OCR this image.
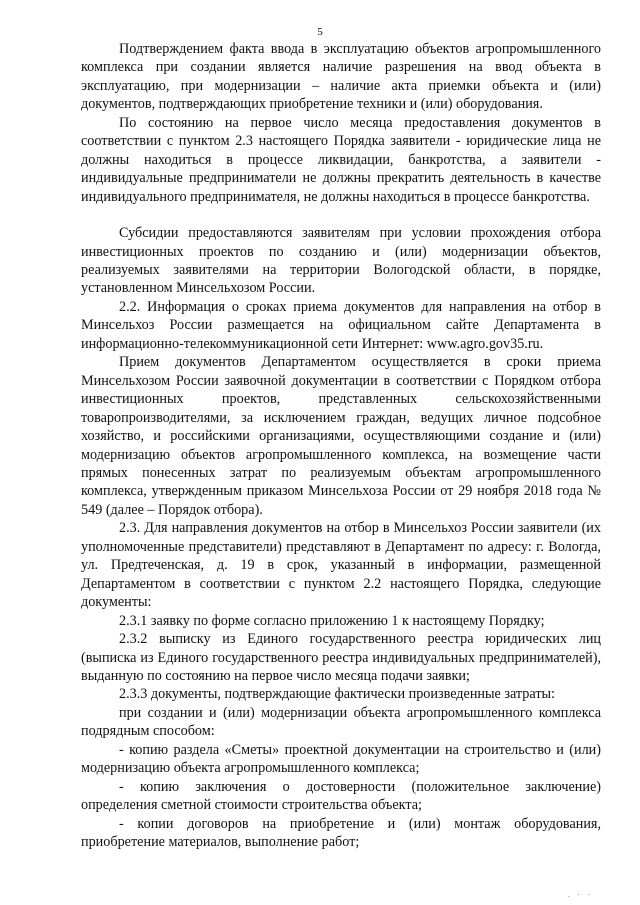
5

Подтверждением факта ввода в эксплуатацию объектов агропромышленного комплекса при создании является наличие разрешения на ввод объекта в эксплуатацию, при модернизации – наличие акта приемки объекта и (или) документов, подтверждающих приобретение техники и (или) оборудования.

По состоянию на первое число месяца предоставления документов в соответствии с пунктом 2.3 настоящего Порядка заявители - юридические лица не должны находиться в процессе ликвидации, банкротства, а заявители - индивидуальные предприниматели не должны прекратить деятельность в качестве индивидуального предпринимателя, не должны находиться в процессе банкротства.

Субсидии предоставляются заявителям при условии прохождения отбора инвестиционных проектов по созданию и (или) модернизации объектов, реализуемых заявителями на территории Вологодской области, в порядке, установленном Минсельхозом России.

2.2. Информация о сроках приема документов для направления на отбор в Минсельхоз России размещается на официальном сайте Департамента в информационно-телекоммуникационной сети Интернет: www.agro.gov35.ru.

Прием документов Департаментом осуществляется в сроки приема Минсельхозом России заявочной документации в соответствии с Порядком отбора инвестиционных проектов, представленных сельскохозяйственными товаропроизводителями, за исключением граждан, ведущих личное подсобное хозяйство, и российскими организациями, осуществляющими создание и (или) модернизацию объектов агропромышленного комплекса, на возмещение части прямых понесенных затрат по реализуемым объектам агропромышленного комплекса, утвержденным приказом Минсельхоза России от 29 ноября 2018 года № 549 (далее – Порядок отбора).

2.3. Для направления документов на отбор в Минсельхоз России заявители (их уполномоченные представители) представляют в Департамент по адресу: г. Вологда, ул. Предтеченская, д. 19 в срок, указанный в информации, размещенной Департаментом в соответствии с пунктом 2.2 настоящего Порядка, следующие документы:

2.3.1 заявку по форме согласно приложению 1 к настоящему Порядку;

2.3.2 выписку из Единого государственного реестра юридических лиц (выписка из Единого государственного реестра индивидуальных предпринимателей), выданную по состоянию на первое число месяца подачи заявки;

2.3.3 документы, подтверждающие фактически произведенные затраты:

при создании и (или) модернизации объекта агропромышленного комплекса подрядным способом:

- копию раздела «Сметы» проектной документации на строительство и (или) модернизацию объекта агропромышленного комплекса;

- копию заключения о достоверности (положительное заключение) определения сметной стоимости строительства объекта;

- копии договоров на приобретение и (или) монтаж оборудования, приобретение материалов, выполнение работ;

. · ·
